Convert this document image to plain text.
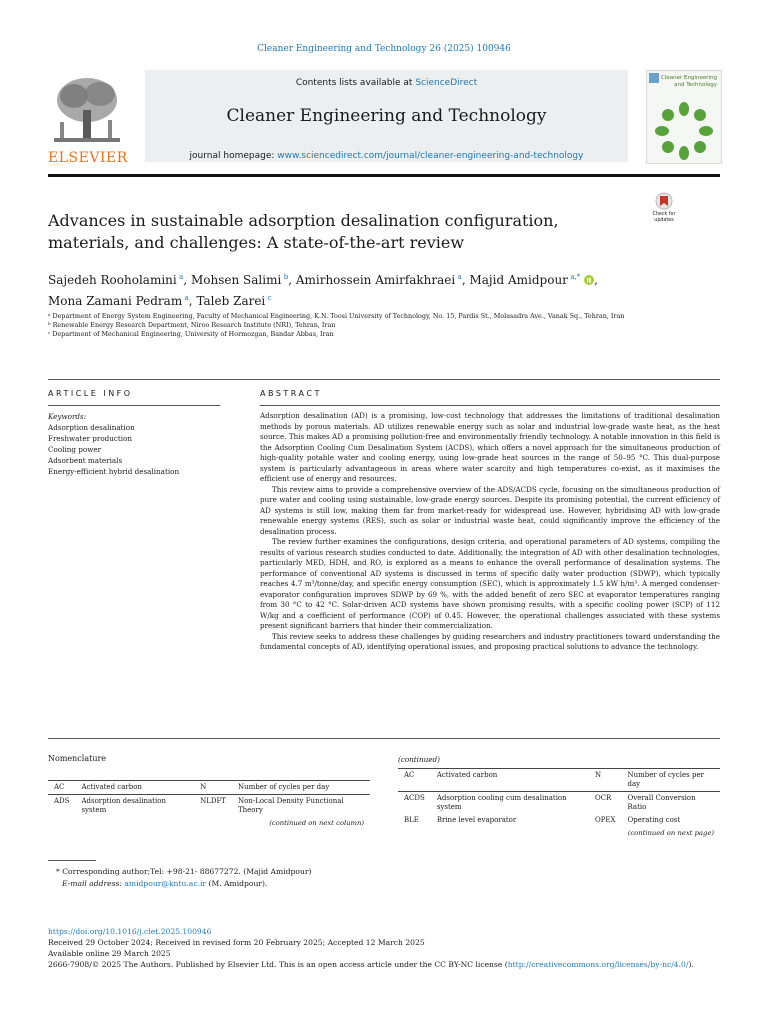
Cleaner Engineering and Technology 26 (2025) 100946
ELSEVIER
Contents lists available at ScienceDirect
Cleaner Engineering and Technology
journal homepage: www.sciencedirect.com/journal/cleaner-engineering-and-technology
Cleaner Engineering and Technology
Advances in sustainable adsorption desalination configuration, materials, and challenges: A state-of-the-art review
Check for updates
Sajedeh Rooholamini  $^a$, Mohsen Salimi  $^b$, Amirhossein Amirfakhraei  $^a$, Majid Amidpour  $^{a,*}$ ,
Mona Zamani Pedram  $^a$, Taleb Zarei  $^c$
ᵃ Department of Energy System Engineering, Faculty of Mechanical Engineering, K.N. Toosi University of Technology, No. 15, Pardis St., Molasadra Ave., Vanak Sq., Tehran, Iran
ᵇ Renewable Energy Research Department, Niroo Research Institute (NRI), Tehran, Iran
ᶜ Department of Mechanical Engineering, University of Hormozgan, Bandar Abbas, Iran
ARTICLE INFO
Keywords:
Adsorption desalination
Freshwater production
Cooling power
Adsorbent materials
Energy-efficient hybrid desalination
ABSTRACT

Adsorption desalination (AD) is a promising, low-cost technology that addresses the limitations of traditional desalination methods by porous materials. AD utilizes renewable energy such as solar and industrial low-grade waste heat, as the heat source. This makes AD a promising pollution-free and environmentally friendly technology. A notable innovation in this field is the Adsorption Cooling Cum Desalination System (ACDS), which offers a novel approach for the simultaneous production of high-quality potable water and cooling energy, using low-grade heat sources in the range of 50–95 °C. This dual-purpose system is particularly advantageous in areas where water scarcity and high temperatures co-exist, as it maximises the efficient use of energy and resources.

This review aims to provide a comprehensive overview of the ADS/ACDS cycle, focusing on the simultaneous production of pure water and cooling using sustainable, low-grade energy sources. Despite its promising potential, the current efficiency of AD systems is still low, making them far from market-ready for widespread use. However, hybridising AD with low-grade renewable energy systems (RES), such as solar or industrial waste heat, could significantly improve the efficiency of the desalination process.

The review further examines the configurations, design criteria, and operational parameters of AD systems, compiling the results of various research studies conducted to date. Additionally, the integration of AD with other desalination technologies, particularly MED, HDH, and RO, is explored as a means to enhance the overall performance of desalination systems. The performance of conventional AD systems is discussed in terms of specific daily water production (SDWP), which typically reaches 4.7 m³/tonne/day, and specific energy consumption (SEC), which is approximately 1.5 kW h/m³. A merged condenser-evaporator configuration improves SDWP by 69 %, with the added benefit of zero SEC at evaporator temperatures ranging from 30 °C to 42 °C. Solar-driven ACD systems have shown promising results, with a specific cooling power (SCP) of 112 W/kg and a coefficient of performance (COP) of 0.45. However, the operational challenges associated with these systems present significant barriers that hinder their commercialization.

This review seeks to address these challenges by guiding researchers and industry practitioners toward understanding the fundamental concepts of AD, identifying operational issues, and proposing practical solutions to advance the technology.

Nomenclature
AC	Activated carbon	N	Number of cycles per day
ADS	Adsorption desalination system	NLDFT	Non-Local Density Functional Theory
(continued on next column)			
(continued)
AC	Activated carbon	N	Number of cycles per day
ACDS	Adsorption cooling cum desalination system	OCR	Overall Conversion Ratio
BLE	Brine level evaporator	OPEX	Operating cost
(continued on next page)			
* Corresponding author;Tel: +98-21- 88677272. (Majid Amidpour)
E-mail address: amidpour@kntu.ac.ir (M. Amidpour).
https://doi.org/10.1016/j.clet.2025.100946
Received 29 October 2024; Received in revised form 20 February 2025; Accepted 12 March 2025
Available online 29 March 2025
2666-7908/© 2025 The Authors. Published by Elsevier Ltd. This is an open access article under the CC BY-NC license (http://creativecommons.org/licenses/by-nc/4.0/).
